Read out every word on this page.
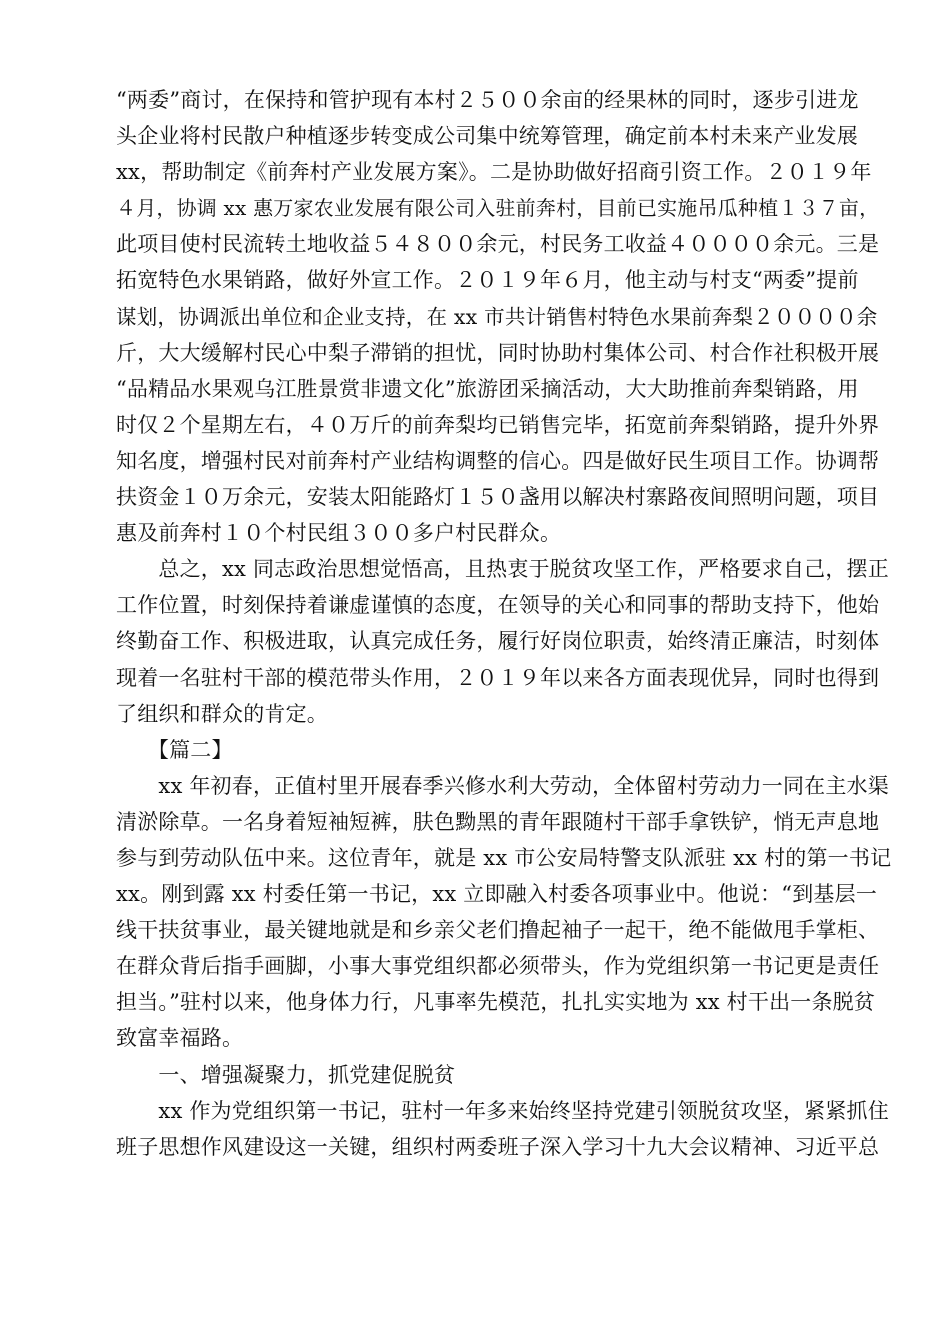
“两委”商讨，在保持和管护现有本村２５００余亩的经果林的同时，逐步引进龙
头企业将村民散户种植逐步转变成公司集中统筹管理，确定前本村未来产业发展
xx，帮助制定《前奔村产业发展方案》。二是协助做好招商引资工作。２０１９年
４月，协调 xx 惠万家农业发展有限公司入驻前奔村，目前已实施吊瓜种植１３７亩，
此项目使村民流转土地收益５４８００余元，村民务工收益４００００余元。三是
拓宽特色水果销路，做好外宣工作。２０１９年６月，他主动与村支“两委”提前
谋划，协调派出单位和企业支持，在 xx 市共计销售村特色水果前奔梨２００００余
斤，大大缓解村民心中梨子滞销的担忧，同时协助村集体公司、村合作社积极开展
“品精品水果观乌江胜景赏非遗文化”旅游团采摘活动，大大助推前奔梨销路，用
时仅２个星期左右，４０万斤的前奔梨均已销售完毕，拓宽前奔梨销路，提升外界
知名度，增强村民对前奔村产业结构调整的信心。四是做好民生项目工作。协调帮
扶资金１０万余元，安装太阳能路灯１５０盏用以解决村寨路夜间照明问题，项目
惠及前奔村１０个村民组３００多户村民群众。
　　总之，xx 同志政治思想觉悟高，且热衷于脱贫攻坚工作，严格要求自己，摆正
工作位置，时刻保持着谦虚谨慎的态度，在领导的关心和同事的帮助支持下，他始
终勤奋工作、积极进取，认真完成任务，履行好岗位职责，始终清正廉洁，时刻体
现着一名驻村干部的模范带头作用，２０１９年以来各方面表现优异，同时也得到
了组织和群众的肯定。
　　【篇二】
　　xx 年初春，正值村里开展春季兴修水利大劳动，全体留村劳动力一同在主水渠
清淤除草。一名身着短袖短裤，肤色黝黑的青年跟随村干部手拿铁铲，悄无声息地
参与到劳动队伍中来。这位青年，就是 xx 市公安局特警支队派驻 xx 村的第一书记
xx。刚到露 xx 村委任第一书记，xx 立即融入村委各项事业中。他说：“到基层一
线干扶贫事业，最关键地就是和乡亲父老们撸起袖子一起干，绝不能做甩手掌柜、
在群众背后指手画脚，小事大事党组织都必须带头，作为党组织第一书记更是责任
担当。”驻村以来，他身体力行，凡事率先模范，扎扎实实地为 xx 村干出一条脱贫
致富幸福路。
　　一、增强凝聚力，抓党建促脱贫
　　xx 作为党组织第一书记，驻村一年多来始终坚持党建引领脱贫攻坚，紧紧抓住
班子思想作风建设这一关键，组织村两委班子深入学习十九大会议精神、习近平总
